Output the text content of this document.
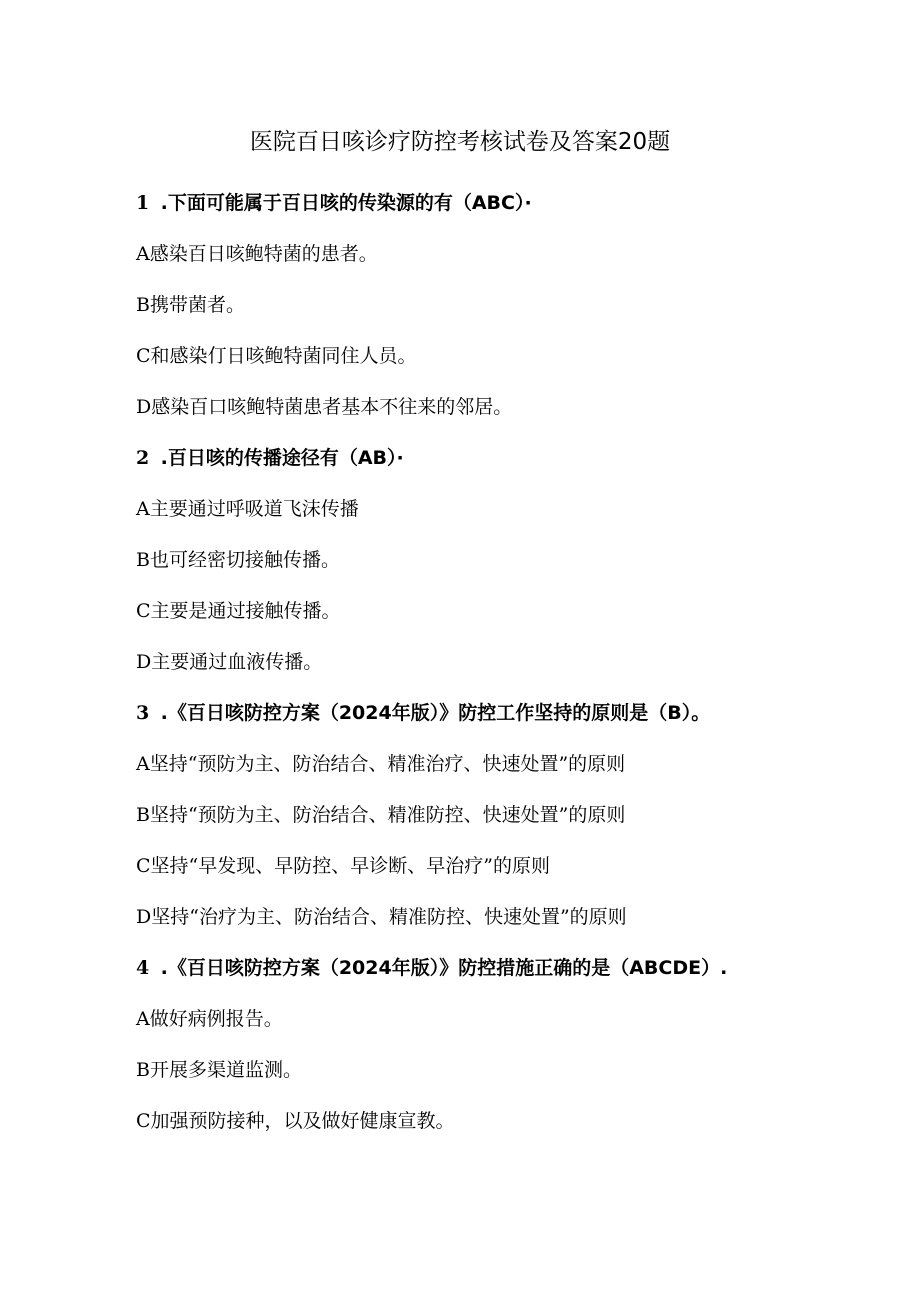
医院百日咳诊疗防控考核试卷及答案20题
1 .下面可能属于百日咳的传染源的有（ABC）·
A感染百日咳鲍特菌的患者。
B携带菌者。
C和感染仃日咳鲍特菌同住人员。
D感染百口咳鲍特菌患者基本不往来的邻居。
2 .百日咳的传播途径有（AB）·
A主要通过呼吸道飞沫传播
B也可经密切接触传播。
C主要是通过接触传播。
D主要通过血液传播。
3 .《百日咳防控方案（2024年版）》防控工作坚持的原则是（B）。
A坚持“预防为主、防治结合、精准治疗、快速处置”的原则
B坚持“预防为主、防治结合、精准防控、快速处置”的原则
C坚持“早发现、早防控、早诊断、早治疗”的原则
D坚持“治疗为主、防治结合、精准防控、快速处置”的原则
4 .《百日咳防控方案（2024年版）》防控措施正确的是（ABCDE）.
A做好病例报告。
B开展多渠道监测。
C加强预防接种，以及做好健康宣教。
